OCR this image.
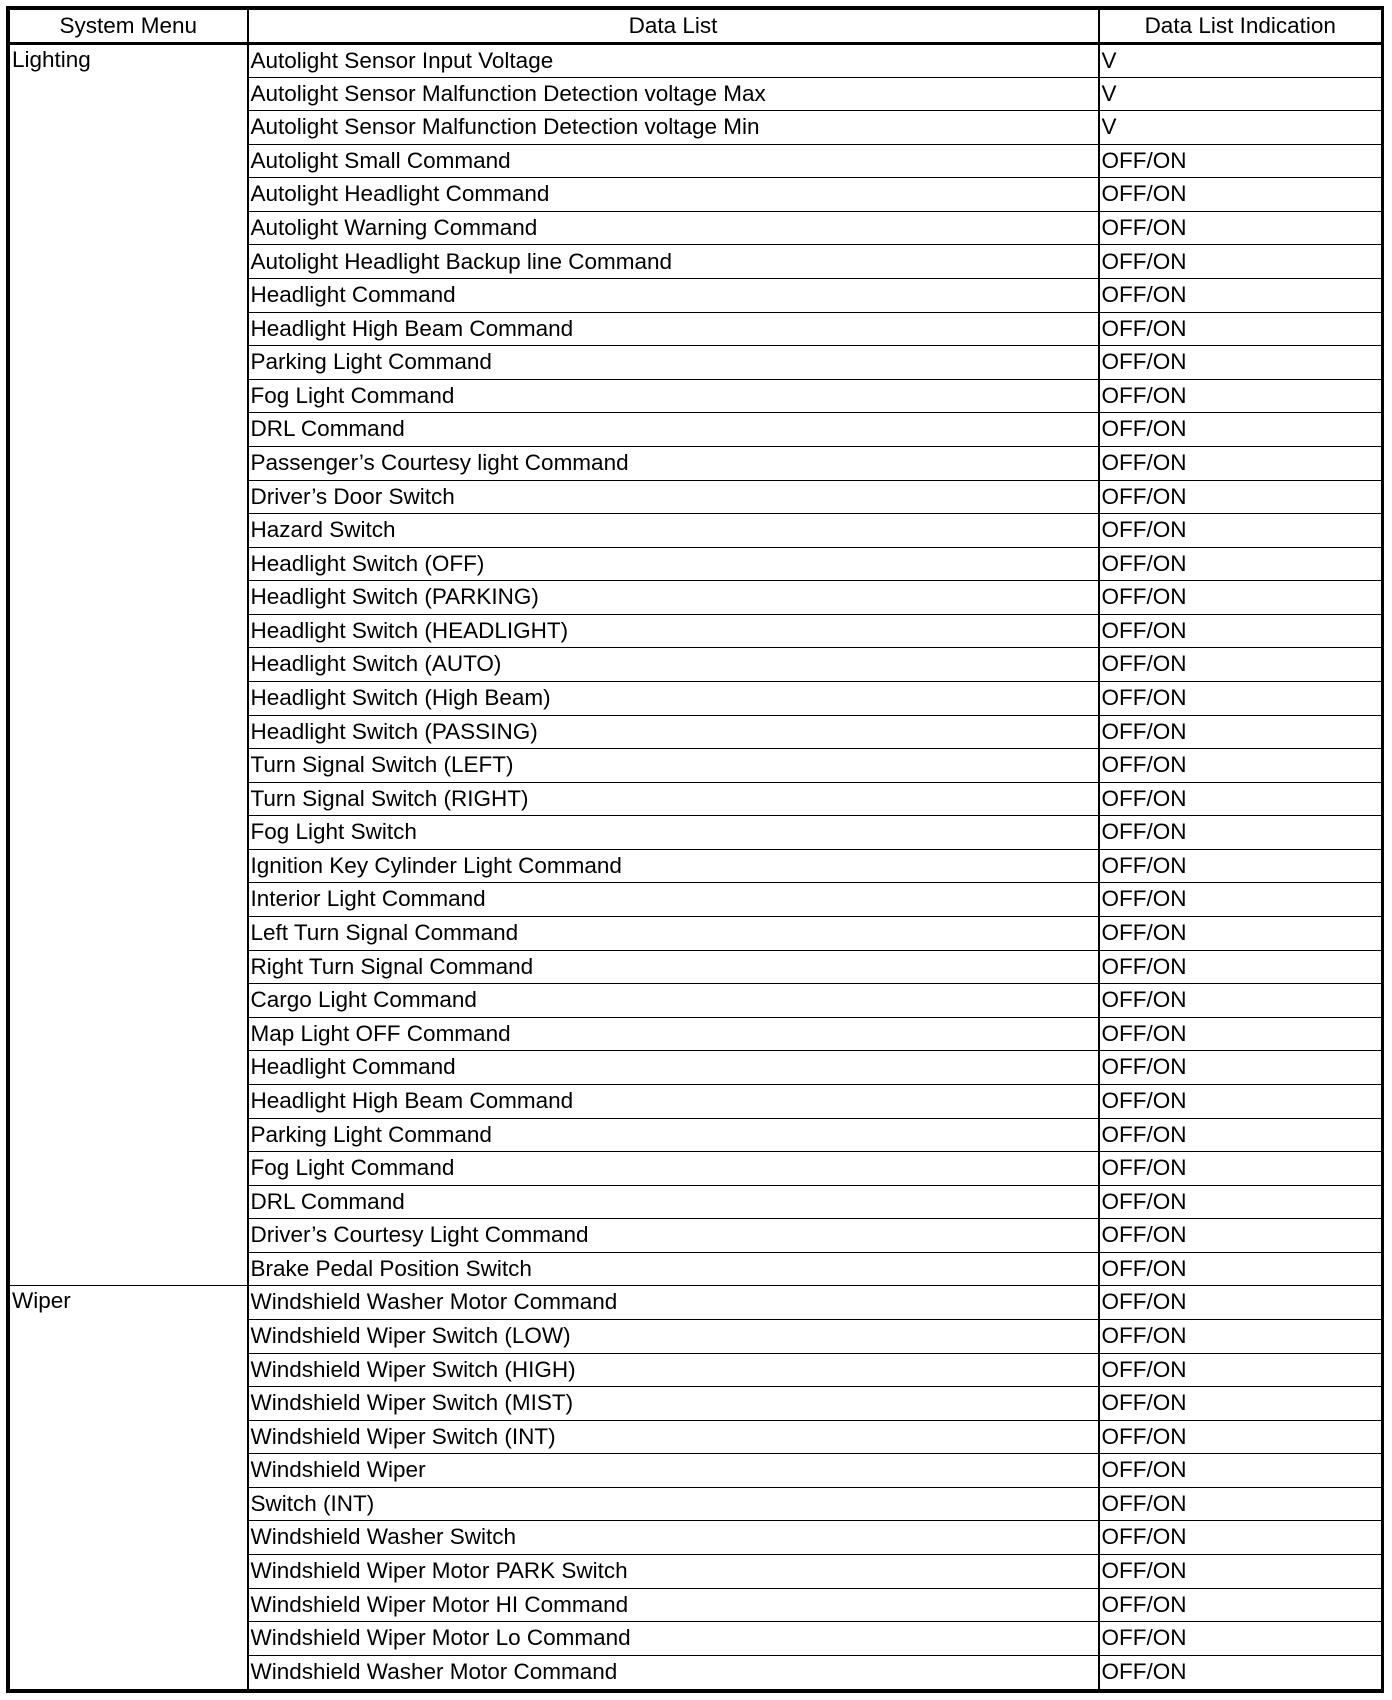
System Menu	Data List	Data List Indication
Lighting	Autolight Sensor Input Voltage	V
	Autolight Sensor Malfunction Detection voltage Max	V
	Autolight Sensor Malfunction Detection voltage Min	V
	Autolight Small Command	OFF/ON
	Autolight Headlight Command	OFF/ON
	Autolight Warning Command	OFF/ON
	Autolight Headlight Backup line Command	OFF/ON
	Headlight Command	OFF/ON
	Headlight High Beam Command	OFF/ON
	Parking Light Command	OFF/ON
	Fog Light Command	OFF/ON
	DRL Command	OFF/ON
	Passenger’s Courtesy light Command	OFF/ON
	Driver’s Door Switch	OFF/ON
	Hazard Switch	OFF/ON
	Headlight Switch (OFF)	OFF/ON
	Headlight Switch (PARKING)	OFF/ON
	Headlight Switch (HEADLIGHT)	OFF/ON
	Headlight Switch (AUTO)	OFF/ON
	Headlight Switch (High Beam)	OFF/ON
	Headlight Switch (PASSING)	OFF/ON
	Turn Signal Switch (LEFT)	OFF/ON
	Turn Signal Switch (RIGHT)	OFF/ON
	Fog Light Switch	OFF/ON
	Ignition Key Cylinder Light Command	OFF/ON
	Interior Light Command	OFF/ON
	Left Turn Signal Command	OFF/ON
	Right Turn Signal Command	OFF/ON
	Cargo Light Command	OFF/ON
	Map Light OFF Command	OFF/ON
	Headlight Command	OFF/ON
	Headlight High Beam Command	OFF/ON
	Parking Light Command	OFF/ON
	Fog Light Command	OFF/ON
	DRL Command	OFF/ON
	Driver’s Courtesy Light Command	OFF/ON
	Brake Pedal Position Switch	OFF/ON
Wiper	Windshield Washer Motor Command	OFF/ON
	Windshield Wiper Switch (LOW)	OFF/ON
	Windshield Wiper Switch (HIGH)	OFF/ON
	Windshield Wiper Switch (MIST)	OFF/ON
	Windshield Wiper Switch (INT)	OFF/ON
	Windshield Wiper	OFF/ON
	Switch (INT)	OFF/ON
	Windshield Washer Switch	OFF/ON
	Windshield Wiper Motor PARK Switch	OFF/ON
	Windshield Wiper Motor HI Command	OFF/ON
	Windshield Wiper Motor Lo Command	OFF/ON
	Windshield Washer Motor Command	OFF/ON
